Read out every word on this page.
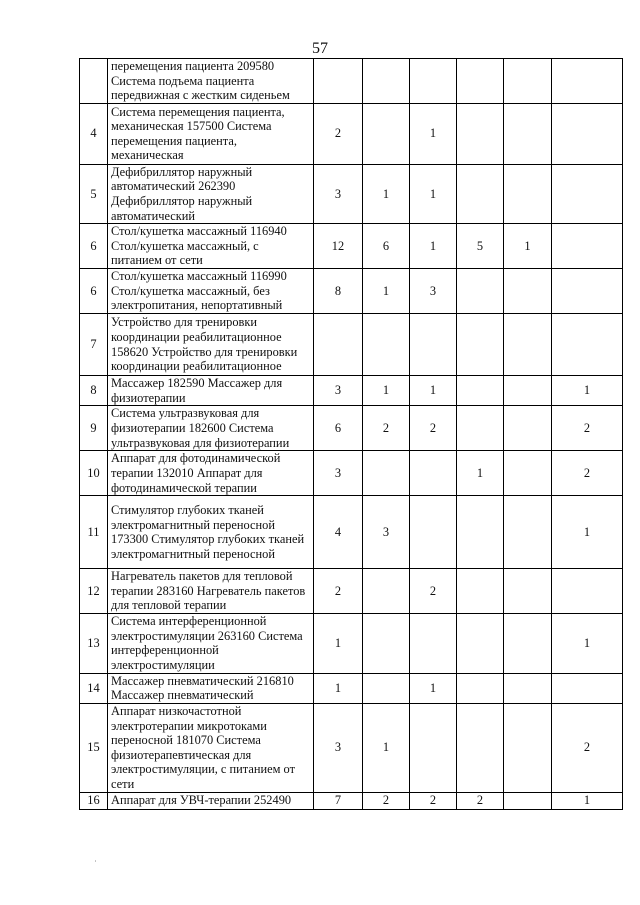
57
	перемещения пациента 209580 Система подъема пациента передвижная с жестким сиденьем						
4	Система перемещения пациента, механическая 157500 Система перемещения пациента, механическая	2		1			
5	Дефибриллятор наружный автоматический 262390 Дефибриллятор наружный автоматический	3	1	1			
6	Стол/кушетка массажный 116940 Стол/кушетка массажный, с питанием от сети	12	6	1	5	1	
6	Стол/кушетка массажный 116990 Стол/кушетка массажный, без электропитания, непортативный	8	1	3			
7	Устройство для тренировки координации реабилитационное 158620 Устройство для тренировки координации реабилитационное						
8	Массажер 182590 Массажер для физиотерапии	3	1	1			1
9	Система ультразвуковая для физиотерапии 182600 Система ультразвуковая для физиотерапии	6	2	2			2
10	Аппарат для фотодинамической терапии 132010 Аппарат для фотодинамической терапии	3			1		2
11	Стимулятор глубоких тканей электромагнитный переносной 173300 Стимулятор глубоких тканей электромагнитный переносной	4	3				1
12	Нагреватель пакетов для тепловой терапии 283160 Нагреватель пакетов для тепловой терапии	2		2			
13	Система интерференционной электростимуляции 263160 Система интерференционной электростимуляции	1					1
14	Массажер пневматический 216810 Массажер пневматический	1		1			
15	Аппарат низкочастотной электротерапии микротоками переносной 181070 Система физиотерапевтическая для электростимуляции, с питанием от сети	3	1				2
16	Аппарат для УВЧ-терапии 252490	7	2	2	2		1
˙
